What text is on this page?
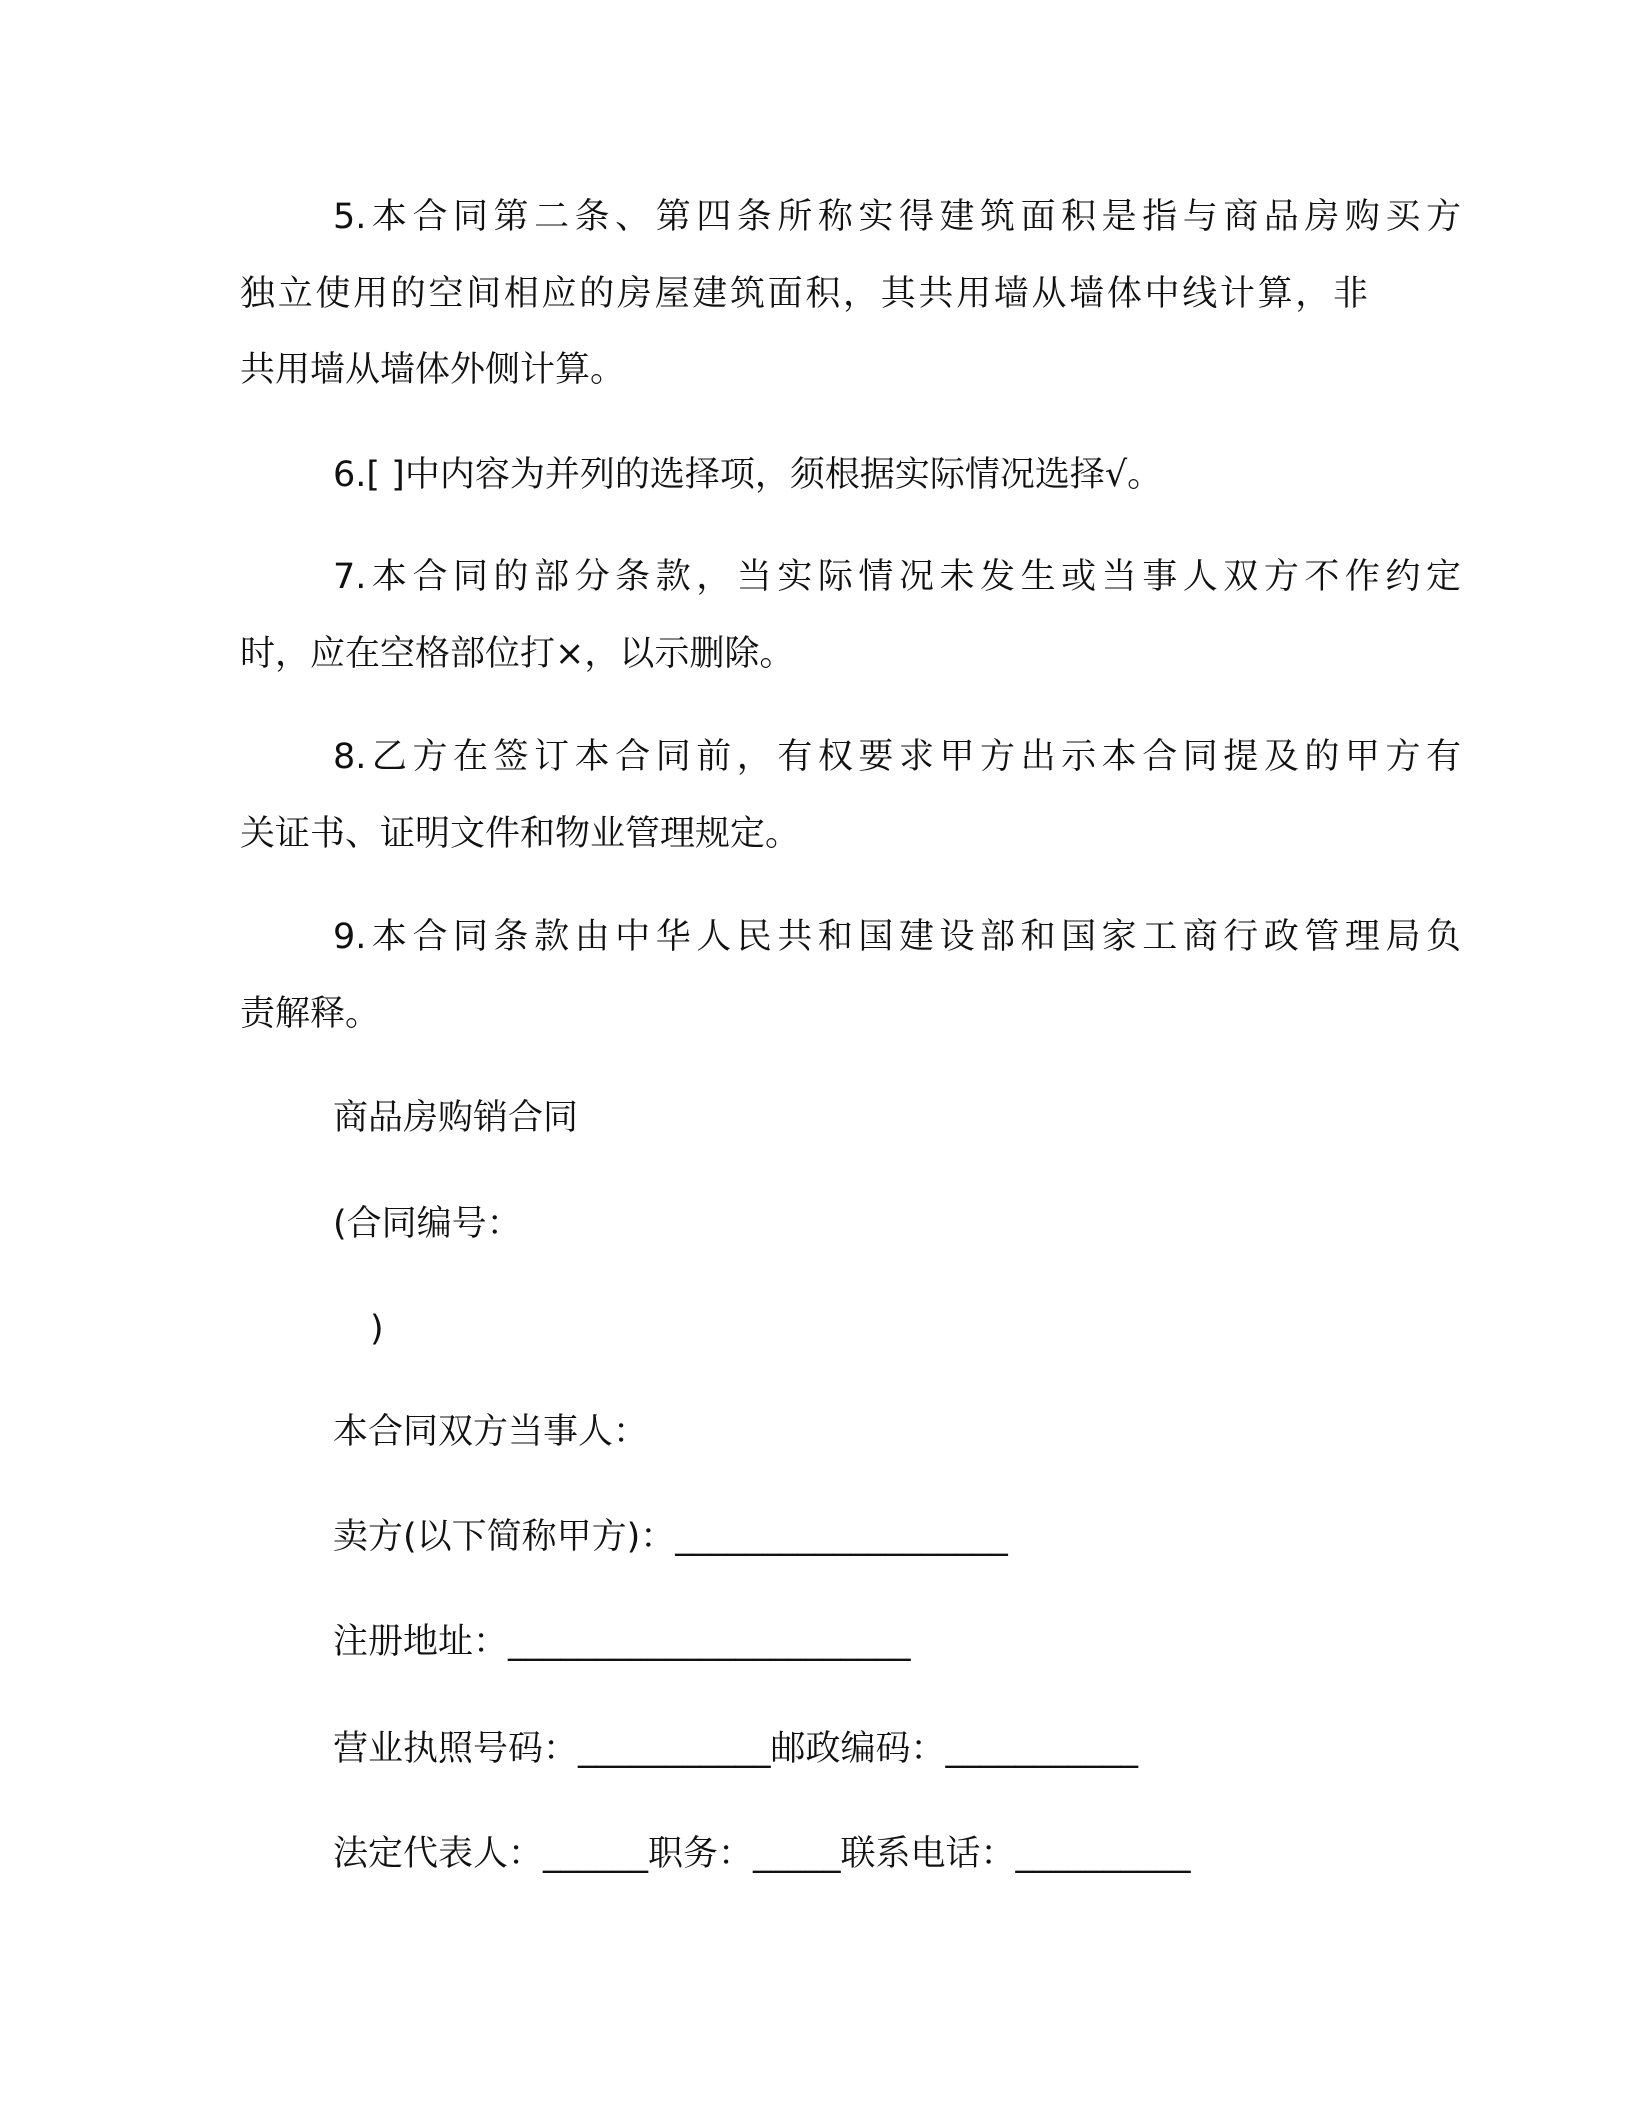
5.本合同第二条、第四条所称实得建筑面积是指与商品房购买方

独立使用的空间相应的房屋建筑面积，其共用墙从墙体中线计算，非

共用墙从墙体外侧计算。

6.[ ]中内容为并列的选择项，须根据实际情况选择√。

7.本合同的部分条款，当实际情况未发生或当事人双方不作约定

时，应在空格部位打×，以示删除。

8.乙方在签订本合同前，有权要求甲方出示本合同提及的甲方有

关证书、证明文件和物业管理规定。

9.本合同条款由中华人民共和国建设部和国家工商行政管理局负

责解释。

商品房购销合同

(合同编号：

)

本合同双方当事人：

卖方(以下简称甲方)：___________________

注册地址：_______________________

营业执照号码：___________邮政编码：___________

法定代表人：______职务：_____联系电话：__________
